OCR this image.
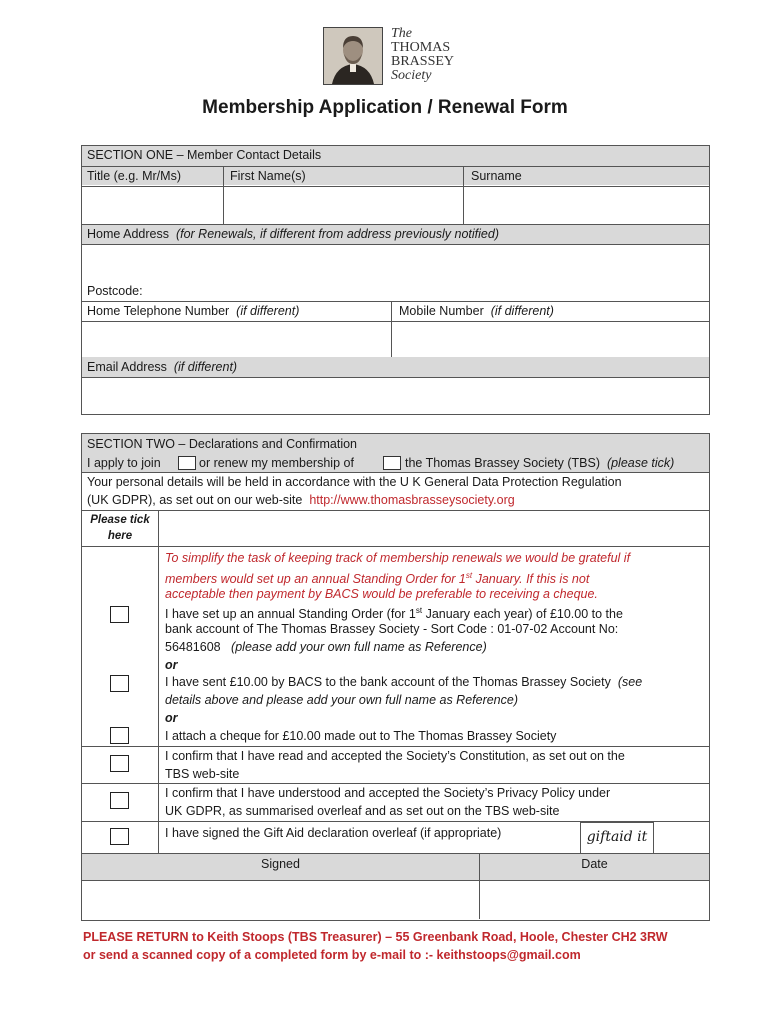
The
THOMAS
BRASSEY
Society
Membership Application / Renewal Form
SECTION ONE – Member Contact Details
Title (e.g. Mr/Ms)	First Name(s)	Surname
Home Address (for Renewals, if different from address previously notified)
Postcode:
Home Telephone Number (if different)	Mobile Number (if different)
Email Address (if different)
SECTION TWO – Declarations and Confirmation
I apply to join	or renew my membership of	the Thomas Brassey Society (TBS) (please tick)
Your personal details will be held in accordance with the U K General Data Protection Regulation
(UK GDPR), as set out on our web-site http://www.thomasbrasseysociety.org
Please tick
here
To simplify the task of keeping track of membership renewals we would be grateful if
members would set up an annual Standing Order for 1st January. If this is not
acceptable then payment by BACS would be preferable to receiving a cheque.
I have set up an annual Standing Order (for 1st January each year) of £10.00 to the
bank account of The Thomas Brassey Society - Sort Code : 01-07-02 Account No:
56481608 (please add your own full name as Reference)
or
I have sent £10.00 by BACS to the bank account of the Thomas Brassey Society (see
details above and please add your own full name as Reference)
or
I attach a cheque for £10.00 made out to The Thomas Brassey Society
I confirm that I have read and accepted the Society’s Constitution, as set out on the
TBS web-site
I confirm that I have understood and accepted the Society’s Privacy Policy under
UK GDPR, as summarised overleaf and as set out on the TBS web-site
I have signed the Gift Aid declaration overleaf (if appropriate)	giftaid it
Signed	Date
PLEASE RETURN to Keith Stoops (TBS Treasurer) – 55 Greenbank Road, Hoole, Chester CH2 3RW
or send a scanned copy of a completed form by e-mail to :- keithstoops@gmail.com
